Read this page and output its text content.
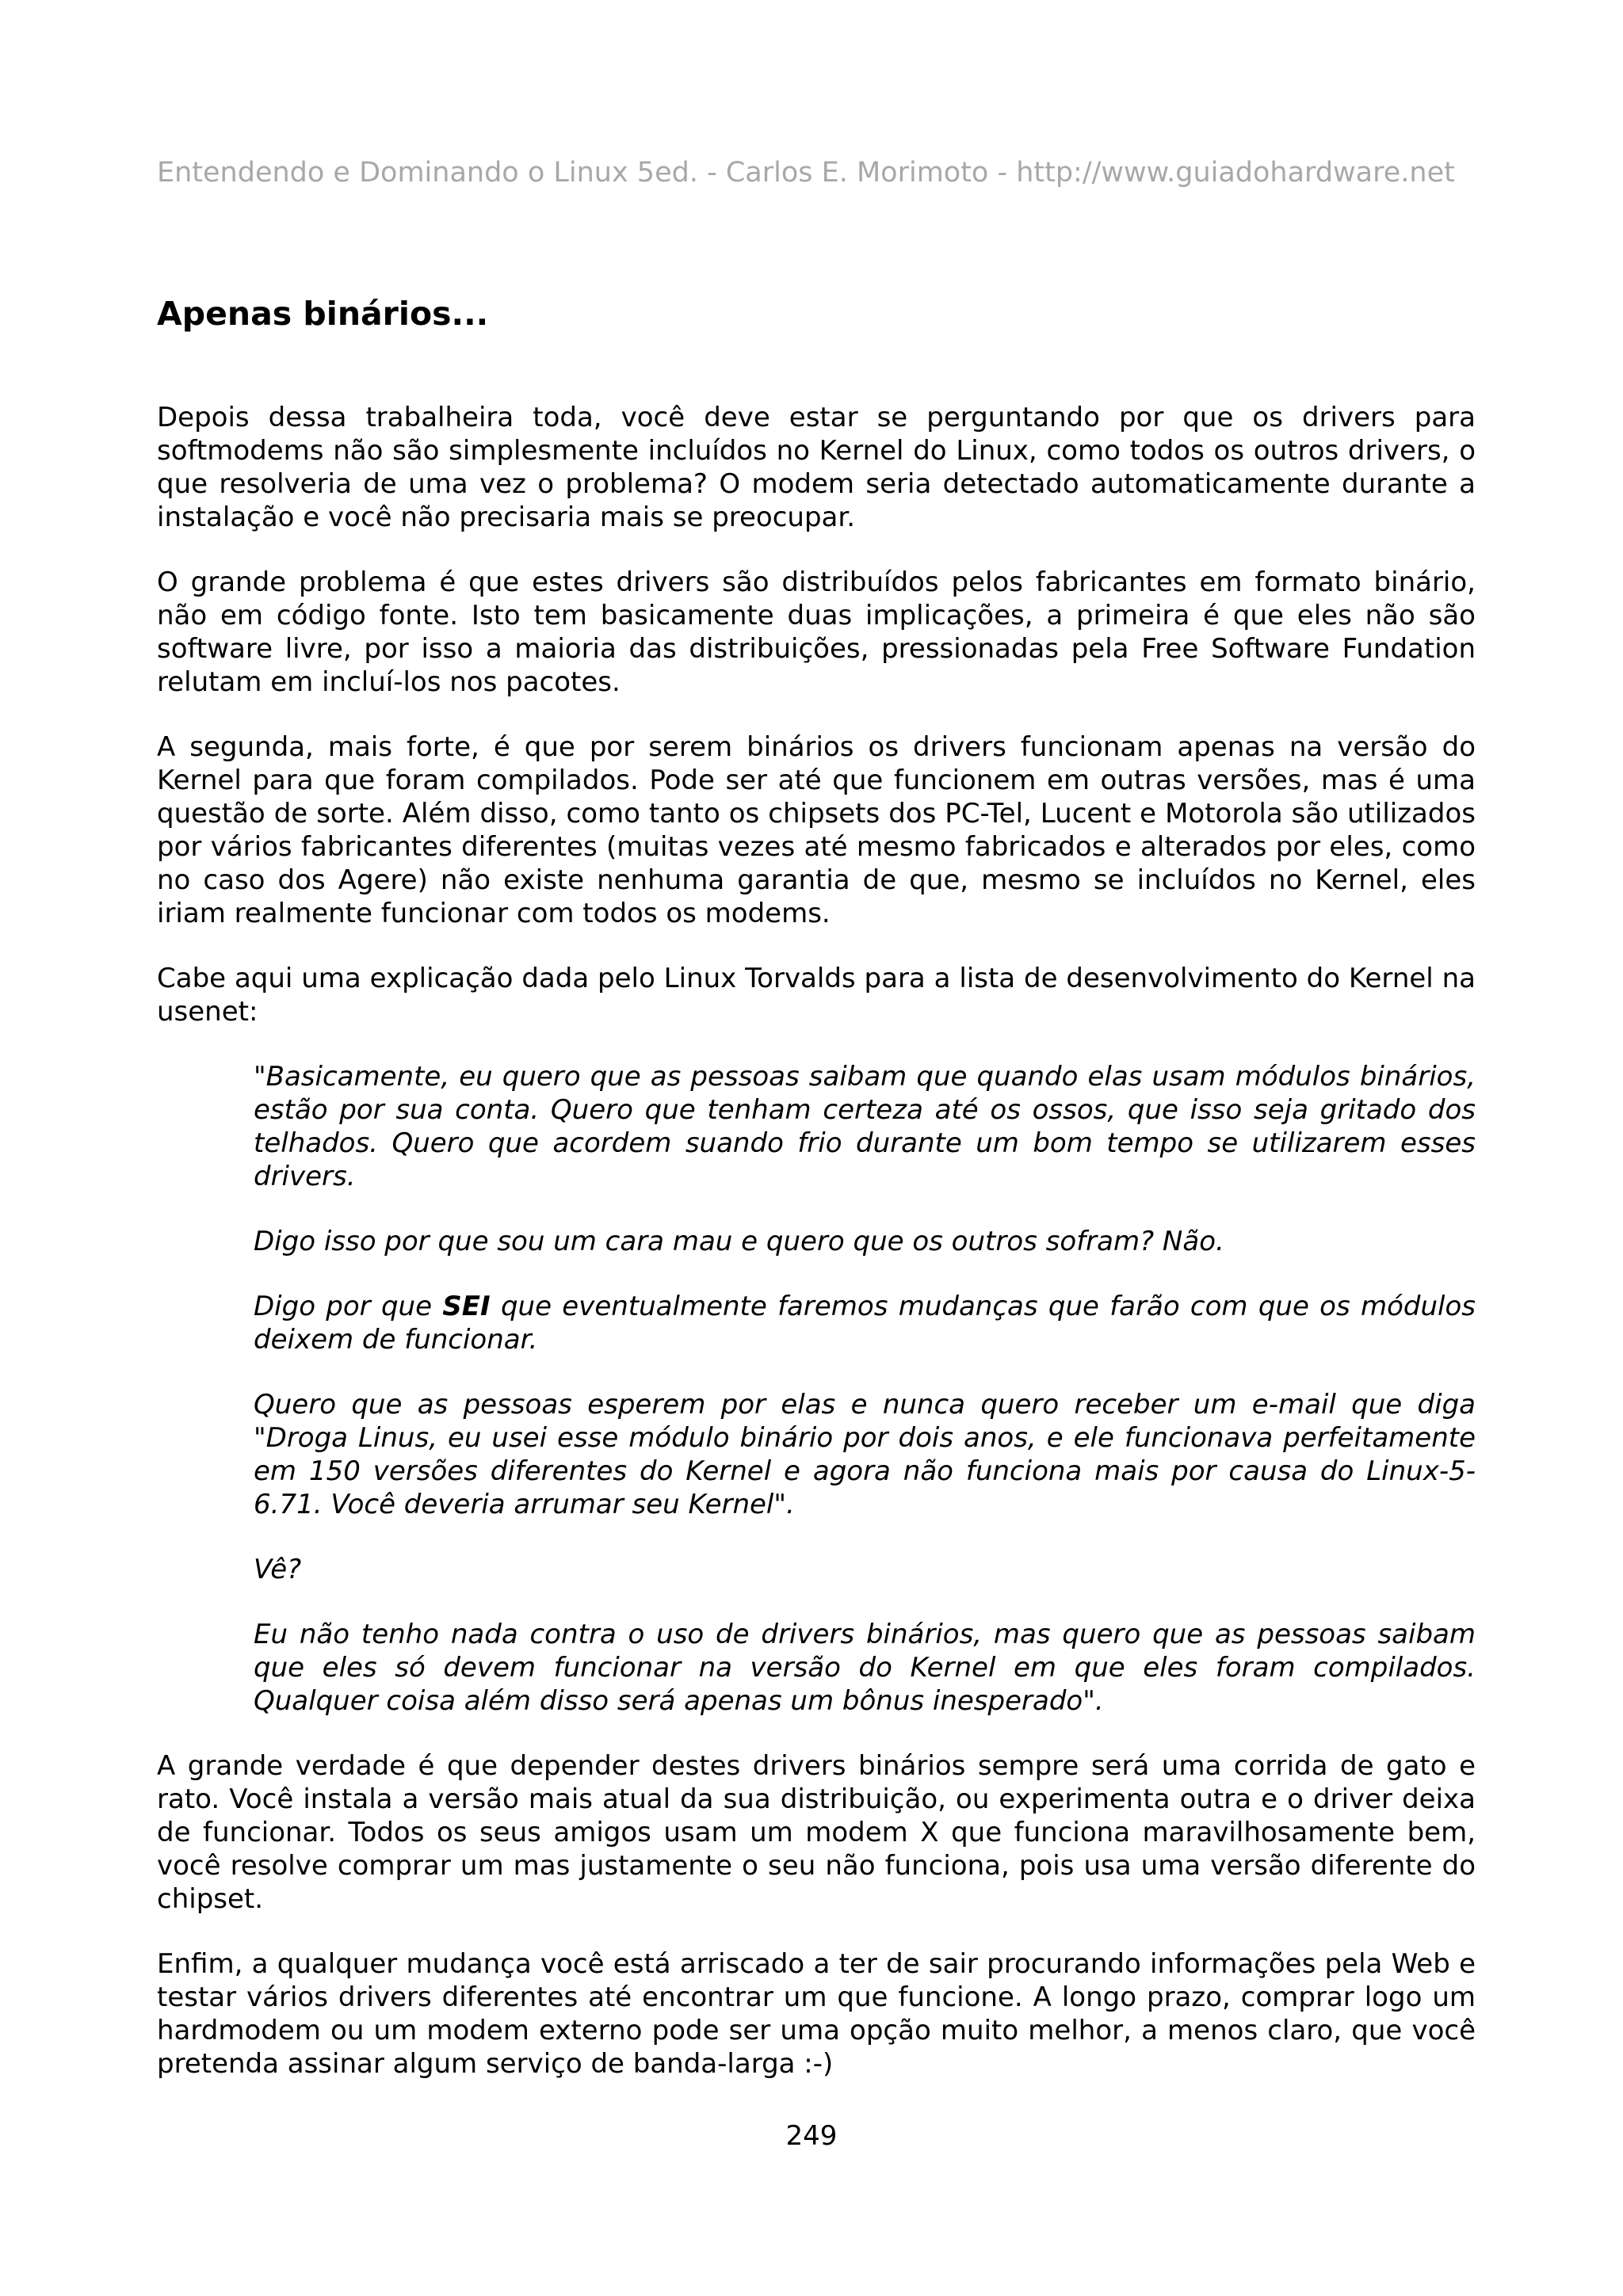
Entendendo e Dominando o Linux 5ed. - Carlos E. Morimoto - http://www.guiadohardware.net
Apenas binários...

Depois dessa trabalheira toda, você deve estar se perguntando por que os drivers para softmodems não são simplesmente incluídos no Kernel do Linux, como todos os outros drivers, o que resolveria de uma vez o problema? O modem seria detectado automaticamente durante a instalação e você não precisaria mais se preocupar.

O grande problema é que estes drivers são distribuídos pelos fabricantes em formato binário, não em código fonte. Isto tem basicamente duas implicações, a primeira é que eles não são software livre, por isso a maioria das distribuições, pressionadas pela Free Software Fundation relutam em incluí-los nos pacotes.

A segunda, mais forte, é que por serem binários os drivers funcionam apenas na versão do Kernel para que foram compilados. Pode ser até que funcionem em outras versões, mas é uma questão de sorte. Além disso, como tanto os chipsets dos PC-Tel, Lucent e Motorola são utilizados por vários fabricantes diferentes (muitas vezes até mesmo fabricados e alterados por eles, como no caso dos Agere) não existe nenhuma garantia de que, mesmo se incluídos no Kernel, eles iriam realmente funcionar com todos os modems.

Cabe aqui uma explicação dada pelo Linux Torvalds para a lista de desenvolvimento do Kernel na usenet:

"Basicamente, eu quero que as pessoas saibam que quando elas usam módulos binários, estão por sua conta. Quero que tenham certeza até os ossos, que isso seja gritado dos telhados. Quero que acordem suando frio durante um bom tempo se utilizarem esses drivers.

Digo isso por que sou um cara mau e quero que os outros sofram? Não.

Digo por que SEI que eventualmente faremos mudanças que farão com que os módulos deixem de funcionar.

Quero que as pessoas esperem por elas e nunca quero receber um e-mail que diga "Droga Linus, eu usei esse módulo binário por dois anos, e ele funcionava perfeitamente em 150 versões diferentes do Kernel e agora não funciona mais por causa do Linux-5-6.71. Você deveria arrumar seu Kernel".

Vê?

Eu não tenho nada contra o uso de drivers binários, mas quero que as pessoas saibam que eles só devem funcionar na versão do Kernel em que eles foram compilados. Qualquer coisa além disso será apenas um bônus inesperado".

A grande verdade é que depender destes drivers binários sempre será uma corrida de gato e rato. Você instala a versão mais atual da sua distribuição, ou experimenta outra e o driver deixa de funcionar. Todos os seus amigos usam um modem X que funciona maravilhosamente bem, você resolve comprar um mas justamente o seu não funciona, pois usa uma versão diferente do chipset.

Enfim, a qualquer mudança você está arriscado a ter de sair procurando informações pela Web e testar vários drivers diferentes até encontrar um que funcione. A longo prazo, comprar logo um hardmodem ou um modem externo pode ser uma opção muito melhor, a menos claro, que você pretenda assinar algum serviço de banda-larga :-)

249
